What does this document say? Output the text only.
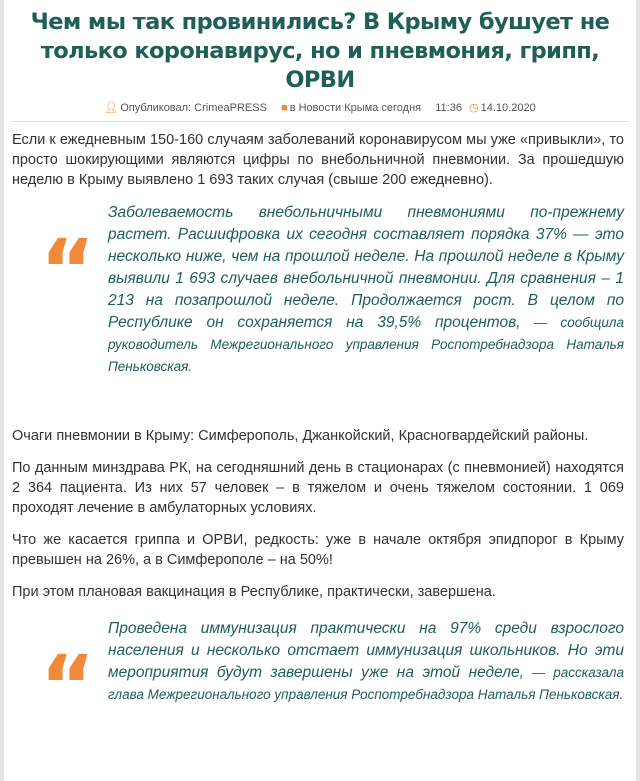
Чем мы так провинились? В Крыму бушует не только коронавирус, но и пневмония, грипп, ОРВИ
👤︎ Опубликовал: CrimeaPRESS ■ в Новости Крыма сегодня 11:36 ◷ 14.10.2020

Если к ежедневным 150-160 случаям заболеваний коронавирусом мы уже «привыкли», то просто шокирующими являются цифры по внебольничной пневмонии. За прошедшую неделю в Крыму выявлено 1 693 таких случая (свыше 200 ежедневно).

“
Заболеваемость внебольничными пневмониями по-прежнему растет. Расшифровка их сегодня составляет порядка 37% — это несколько ниже, чем на прошлой неделе. На прошлой неделе в Крыму выявили 1 693 случаев внебольничной пневмонии. Для сравнения – 1 213 на позапрошлой неделе. Продолжается рост. В целом по Республике он сохраняется на 39,5% процентов, — сообщила руководитель Межрегионального управления Роспотребнадзора Наталья Пеньковская.

Очаги пневмонии в Крыму: Симферополь, Джанкойский, Красногвардейский районы.

По данным минздрава РК, на сегодняшний день в стационарах (с пневмонией) находятся 2 364 пациента. Из них 57 человек – в тяжелом и очень тяжелом состоянии. 1 069 проходят лечение в амбулаторных условиях.

Что же касается гриппа и ОРВИ, редкость: уже в начале октября эпидпорог в Крыму превышен на 26%, а в Симферополе – на 50%!

При этом плановая вакцинация в Республике, практически, завершена.

“
Проведена иммунизация практически на 97% среди взрослого населения и несколько отстает иммунизация школьников. Но эти мероприятия будут завершены уже на этой неделе, — рассказала глава Межрегионального управления Роспотребнадзора Наталья Пеньковская.
